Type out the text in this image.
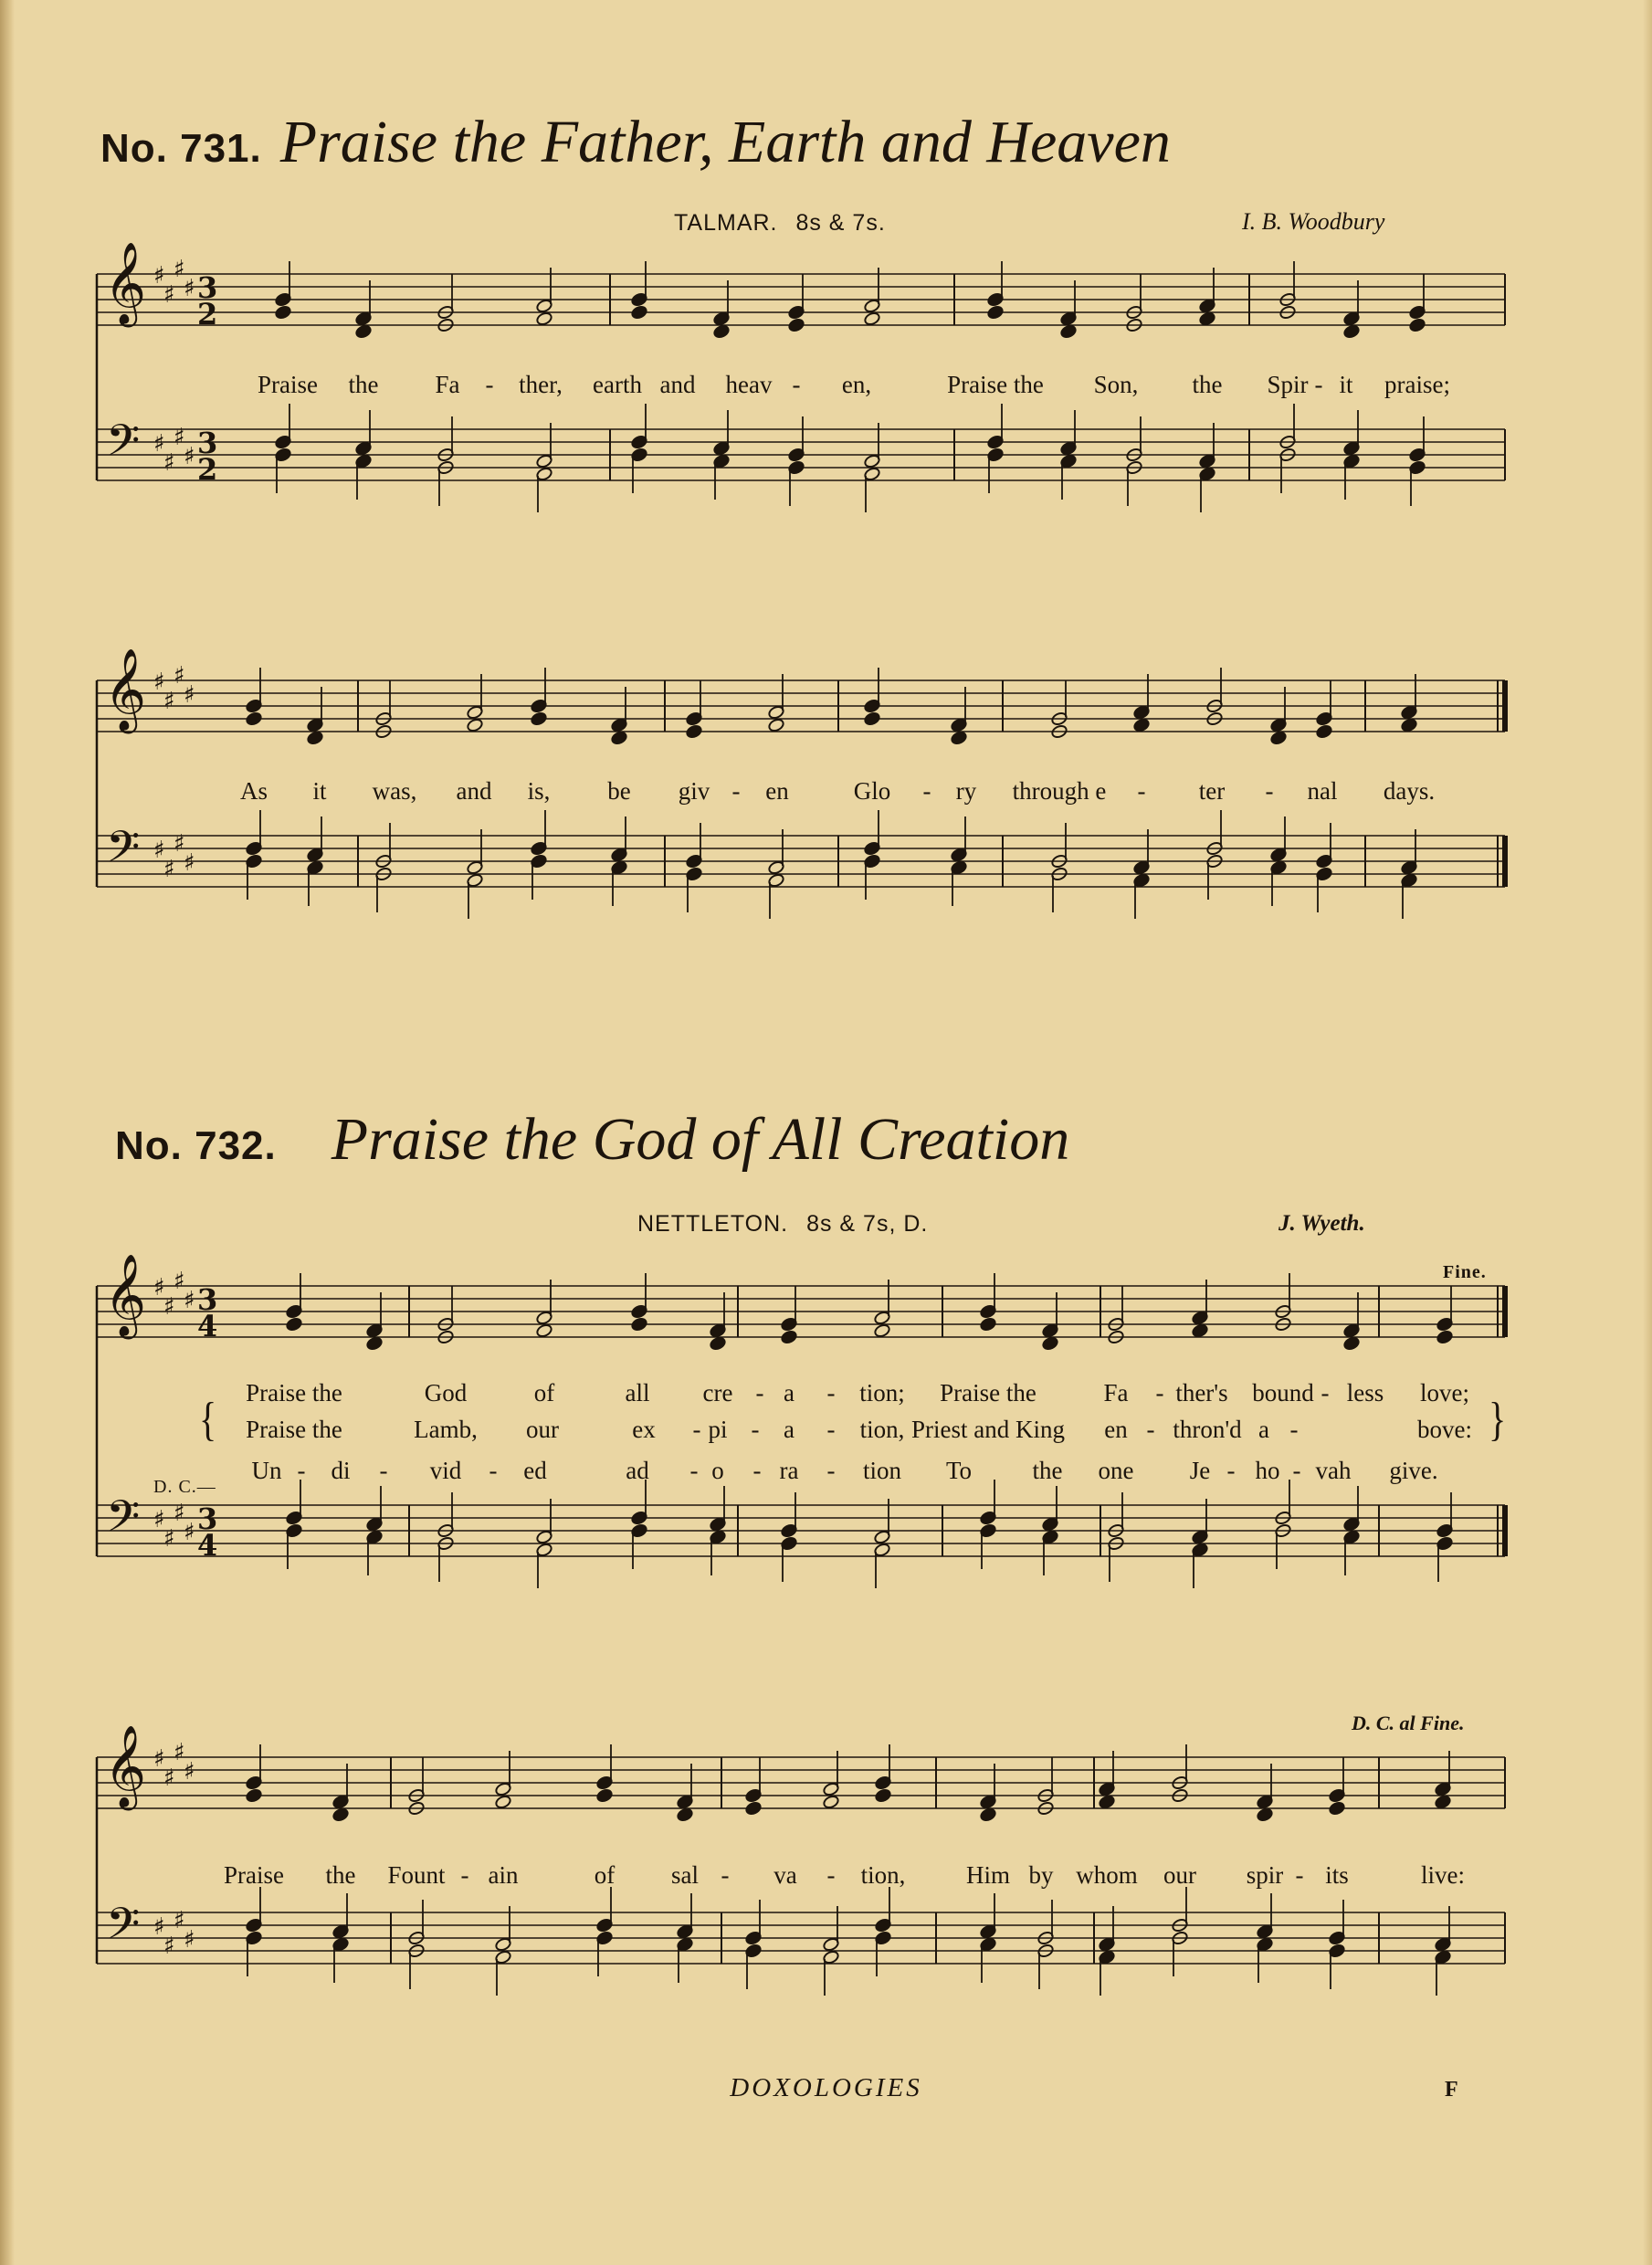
No. 731. Praise the Father, Earth and Heaven
TALMAR. 8s & 7s.	I. B. Woodbury
No. 732. Praise the God of All Creation
NETTLETON. 8s & 7s, D.	J. Wyeth.
Fine.
D. C. al Fine.
𝄞
𝄢
♯
♯
♯
♯
♯
♯
♯
♯
3
2
3
2
𝄞
𝄢
♯
♯
♯
♯
♯
♯
♯
♯
𝄞
𝄢
♯
♯
♯
♯
♯
♯
♯
♯
3
4
3
4
𝄞
𝄢
♯
♯
♯
♯
♯
♯
♯
♯
Praise the Fa - ther, earth and heav - en,	Praise the Son, the Spir - it praise;
As it was, and is, be giv - en	Glo - ry through e - ter - nal days.
Praise the	God	of	all cre - a - tion; Praise the	Fa - ther's bound - less love;
Praise the	Lamb, our	ex - pi - a - tion, Priest and King en - thron'd a -	bove:
Un - di - vid - ed	ad - o - ra - tion To the one Je - ho - vah give.
Praise the Fount - ain	of sal - va - tion, Him by whom our spir - its	live:
D. C.—
{	}
DOXOLOGIES	F
